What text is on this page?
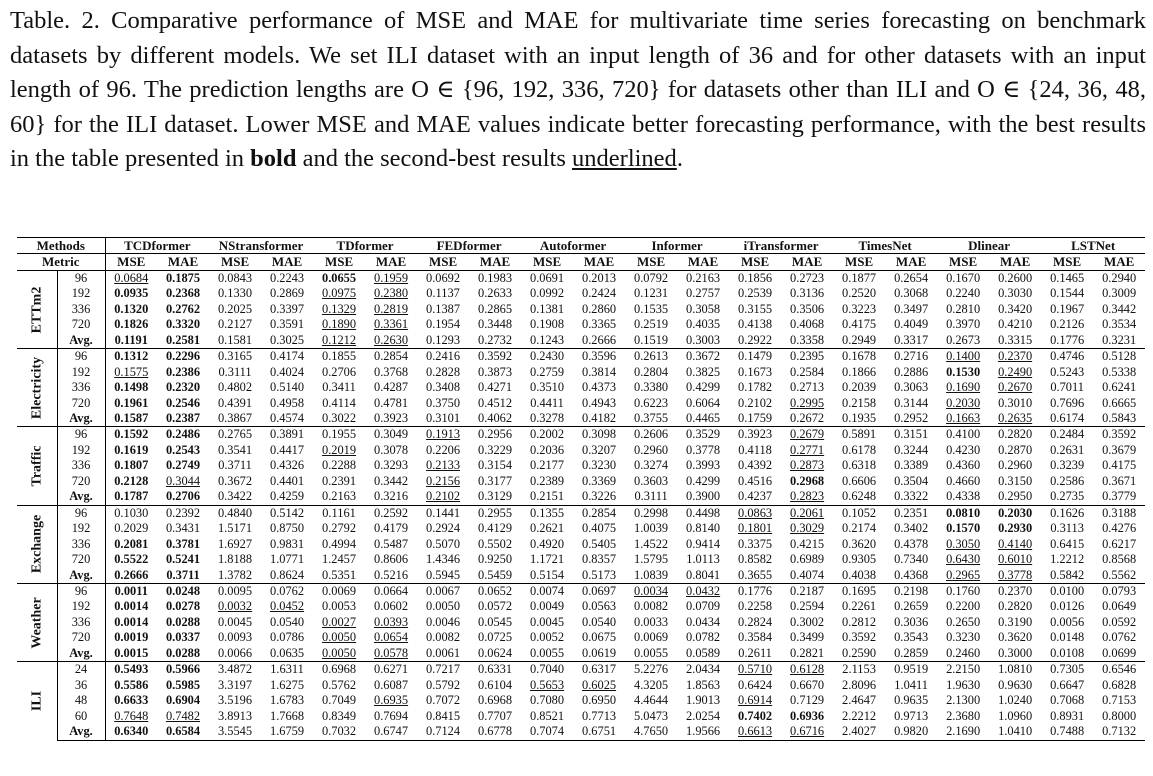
Table. 2. Comparative performance of MSE and MAE for multivariate time series forecasting on benchmark datasets by different models. We set ILI dataset with an input length of 36 and for other datasets with an input length of 96. The prediction lengths are O ∈ {96, 192, 336, 720} for datasets other than ILI and O ∈ {24, 36, 48, 60} for the ILI dataset. Lower MSE and MAE values indicate better forecasting performance, with the best results in the table presented in bold and the second-best results underlined.
Methods		TCDformer		NStransformer		TDformer		FEDformer		Autoformer		Informer		iTransformer		TimesNet		Dlinear		LSTNet	
Metric		MSE	MAE	MSE	MAE	MSE	MAE	MSE	MAE	MSE	MAE	MSE	MAE	MSE	MAE	MSE	MAE	MSE	MAE	MSE	MAE

ETTm2	96	0.0684	0.1875	0.0843	0.2243	0.0655	0.1959	0.0692	0.1983	0.0691	0.2013	0.0792	0.2163	0.1856	0.2723	0.1877	0.2654	0.1670	0.2600	0.1465	0.2940
	192	0.0935	0.2368	0.1330	0.2869	0.0975	0.2380	0.1137	0.2633	0.0992	0.2424	0.1231	0.2757	0.2539	0.3136	0.2520	0.3068	0.2240	0.3030	0.1544	0.3009
	336	0.1320	0.2762	0.2025	0.3397	0.1329	0.2819	0.1387	0.2865	0.1381	0.2860	0.1535	0.3058	0.3155	0.3506	0.3223	0.3497	0.2810	0.3420	0.1967	0.3442
	720	0.1826	0.3320	0.2127	0.3591	0.1890	0.3361	0.1954	0.3448	0.1908	0.3365	0.2519	0.4035	0.4138	0.4068	0.4175	0.4049	0.3970	0.4210	0.2126	0.3534
	Avg.	0.1191	0.2581	0.1581	0.3025	0.1212	0.2630	0.1293	0.2732	0.1243	0.2666	0.1519	0.3003	0.2922	0.3358	0.2949	0.3317	0.2673	0.3315	0.1776	0.3231

Electricity	96	0.1312	0.2296	0.3165	0.4174	0.1855	0.2854	0.2416	0.3592	0.2430	0.3596	0.2613	0.3672	0.1479	0.2395	0.1678	0.2716	0.1400	0.2370	0.4746	0.5128
	192	0.1575	0.2386	0.3111	0.4024	0.2706	0.3768	0.2828	0.3873	0.2759	0.3814	0.2804	0.3825	0.1673	0.2584	0.1866	0.2886	0.1530	0.2490	0.5243	0.5338
	336	0.1498	0.2320	0.4802	0.5140	0.3411	0.4287	0.3408	0.4271	0.3510	0.4373	0.3380	0.4299	0.1782	0.2713	0.2039	0.3063	0.1690	0.2670	0.7011	0.6241
	720	0.1961	0.2546	0.4391	0.4958	0.4114	0.4781	0.3750	0.4512	0.4411	0.4943	0.6223	0.6064	0.2102	0.2995	0.2158	0.3144	0.2030	0.3010	0.7696	0.6665
	Avg.	0.1587	0.2387	0.3867	0.4574	0.3022	0.3923	0.3101	0.4062	0.3278	0.4182	0.3755	0.4465	0.1759	0.2672	0.1935	0.2952	0.1663	0.2635	0.6174	0.5843

Traffic	96	0.1592	0.2486	0.2765	0.3891	0.1955	0.3049	0.1913	0.2956	0.2002	0.3098	0.2606	0.3529	0.3923	0.2679	0.5891	0.3151	0.4100	0.2820	0.2484	0.3592
	192	0.1619	0.2543	0.3541	0.4417	0.2019	0.3078	0.2206	0.3229	0.2036	0.3207	0.2960	0.3778	0.4118	0.2771	0.6178	0.3244	0.4230	0.2870	0.2631	0.3679
	336	0.1807	0.2749	0.3711	0.4326	0.2288	0.3293	0.2133	0.3154	0.2177	0.3230	0.3274	0.3993	0.4392	0.2873	0.6318	0.3389	0.4360	0.2960	0.3239	0.4175
	720	0.2128	0.3044	0.3672	0.4401	0.2391	0.3442	0.2156	0.3177	0.2389	0.3369	0.3603	0.4299	0.4516	0.2968	0.6606	0.3504	0.4660	0.3150	0.2586	0.3671
	Avg.	0.1787	0.2706	0.3422	0.4259	0.2163	0.3216	0.2102	0.3129	0.2151	0.3226	0.3111	0.3900	0.4237	0.2823	0.6248	0.3322	0.4338	0.2950	0.2735	0.3779

Exchange	96	0.1030	0.2392	0.4840	0.5142	0.1161	0.2592	0.1441	0.2955	0.1355	0.2854	0.2998	0.4498	0.0863	0.2061	0.1052	0.2351	0.0810	0.2030	0.1626	0.3188
	192	0.2029	0.3431	1.5171	0.8750	0.2792	0.4179	0.2924	0.4129	0.2621	0.4075	1.0039	0.8140	0.1801	0.3029	0.2174	0.3402	0.1570	0.2930	0.3113	0.4276
	336	0.2081	0.3781	1.6927	0.9831	0.4994	0.5487	0.5070	0.5502	0.4920	0.5405	1.4522	0.9414	0.3375	0.4215	0.3620	0.4378	0.3050	0.4140	0.6415	0.6217
	720	0.5522	0.5241	1.8188	1.0771	1.2457	0.8606	1.4346	0.9250	1.1721	0.8357	1.5795	1.0113	0.8582	0.6989	0.9305	0.7340	0.6430	0.6010	1.2212	0.8568
	Avg.	0.2666	0.3711	1.3782	0.8624	0.5351	0.5216	0.5945	0.5459	0.5154	0.5173	1.0839	0.8041	0.3655	0.4074	0.4038	0.4368	0.2965	0.3778	0.5842	0.5562

Weather	96	0.0011	0.0248	0.0095	0.0762	0.0069	0.0664	0.0067	0.0652	0.0074	0.0697	0.0034	0.0432	0.1776	0.2187	0.1695	0.2198	0.1760	0.2370	0.0100	0.0793
	192	0.0014	0.0278	0.0032	0.0452	0.0053	0.0602	0.0050	0.0572	0.0049	0.0563	0.0082	0.0709	0.2258	0.2594	0.2261	0.2659	0.2200	0.2820	0.0126	0.0649
	336	0.0014	0.0288	0.0045	0.0540	0.0027	0.0393	0.0046	0.0545	0.0045	0.0540	0.0033	0.0434	0.2824	0.3002	0.2812	0.3036	0.2650	0.3190	0.0056	0.0592
	720	0.0019	0.0337	0.0093	0.0786	0.0050	0.0654	0.0082	0.0725	0.0052	0.0675	0.0069	0.0782	0.3584	0.3499	0.3592	0.3543	0.3230	0.3620	0.0148	0.0762
	Avg.	0.0015	0.0288	0.0066	0.0635	0.0050	0.0578	0.0061	0.0624	0.0055	0.0619	0.0055	0.0589	0.2611	0.2821	0.2590	0.2859	0.2460	0.3000	0.0108	0.0699

ILI	24	0.5493	0.5966	3.4872	1.6311	0.6968	0.6271	0.7217	0.6331	0.7040	0.6317	5.2276	2.0434	0.5710	0.6128	2.1153	0.9519	2.2150	1.0810	0.7305	0.6546
	36	0.5586	0.5985	3.3197	1.6275	0.5762	0.6087	0.5792	0.6104	0.5653	0.6025	4.3205	1.8563	0.6424	0.6670	2.8096	1.0411	1.9630	0.9630	0.6647	0.6828
	48	0.6633	0.6904	3.5196	1.6783	0.7049	0.6935	0.7072	0.6968	0.7080	0.6950	4.4644	1.9013	0.6914	0.7129	2.4647	0.9635	2.1300	1.0240	0.7068	0.7153
	60	0.7648	0.7482	3.8913	1.7668	0.8349	0.7694	0.8415	0.7707	0.8521	0.7713	5.0473	2.0254	0.7402	0.6936	2.2212	0.9713	2.3680	1.0960	0.8931	0.8000
	Avg.	0.6340	0.6584	3.5545	1.6759	0.7032	0.6747	0.7124	0.6778	0.7074	0.6751	4.7650	1.9566	0.6613	0.6716	2.4027	0.9820	2.1690	1.0410	0.7488	0.7132
